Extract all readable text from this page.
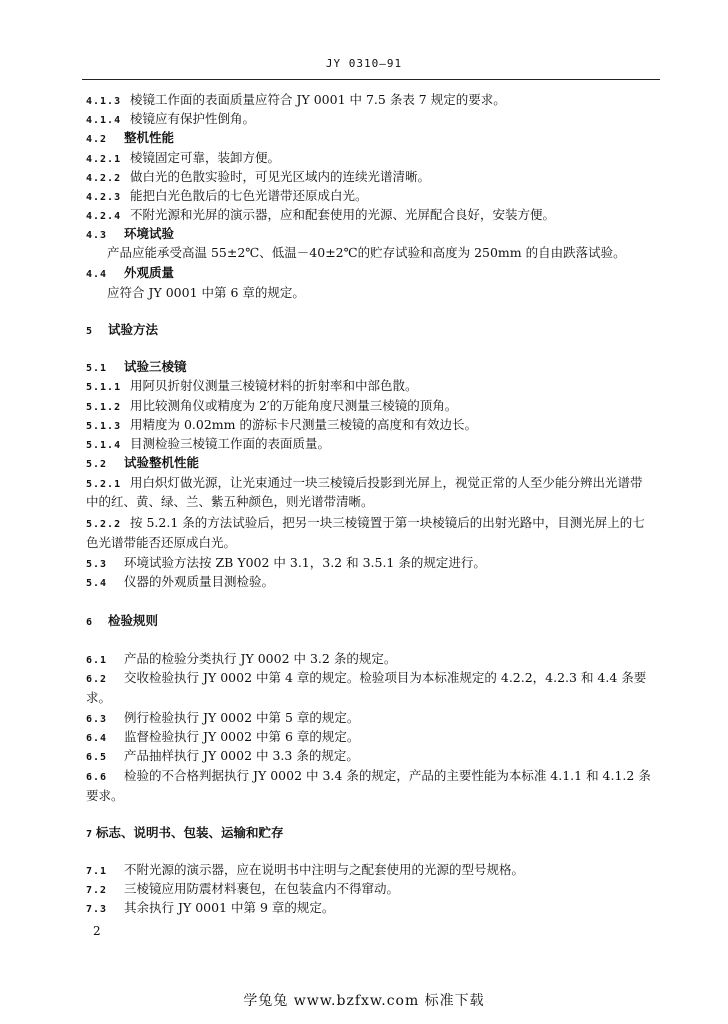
JY 0310—91
4.1.3 棱镜工作面的表面质量应符合 JY 0001 中 7.5 条表 7 规定的要求。
4.1.4 棱镜应有保护性倒角。
4.2 整机性能
4.2.1 棱镜固定可靠，装卸方便。
4.2.2 做白光的色散实验时，可见光区域内的连续光谱清晰。
4.2.3 能把白光色散后的七色光谱带还原成白光。
4.2.4 不附光源和光屏的演示器，应和配套使用的光源、光屏配合良好，安装方便。
4.3 环境试验
产品应能承受高温 55±2℃、低温－40±2℃的贮存试验和高度为 250mm 的自由跌落试验。
4.4 外观质量
应符合 JY 0001 中第 6 章的规定。
5 试验方法
5.1 试验三棱镜
5.1.1 用阿贝折射仪测量三棱镜材料的折射率和中部色散。
5.1.2 用比较测角仪或精度为 2′的万能角度尺测量三棱镜的顶角。
5.1.3 用精度为 0.02mm 的游标卡尺测量三棱镜的高度和有效边长。
5.1.4 目测检验三棱镜工作面的表面质量。
5.2 试验整机性能
5.2.1 用白炽灯做光源，让光束通过一块三棱镜后投影到光屏上，视觉正常的人至少能分辨出光谱带
中的红、黄、绿、兰、紫五种颜色，则光谱带清晰。
5.2.2 按 5.2.1 条的方法试验后，把另一块三棱镜置于第一块棱镜后的出射光路中，目测光屏上的七
色光谱带能否还原成白光。
5.3 环境试验方法按 ZB Y002 中 3.1，3.2 和 3.5.1 条的规定进行。
5.4 仪器的外观质量目测检验。
6 检验规则
6.1 产品的检验分类执行 JY 0002 中 3.2 条的规定。
6.2 交收检验执行 JY 0002 中第 4 章的规定。检验项目为本标准规定的 4.2.2，4.2.3 和 4.4 条要
求。
6.3 例行检验执行 JY 0002 中第 5 章的规定。
6.4 监督检验执行 JY 0002 中第 6 章的规定。
6.5 产品抽样执行 JY 0002 中 3.3 条的规定。
6.6 检验的不合格判据执行 JY 0002 中 3.4 条的规定，产品的主要性能为本标准 4.1.1 和 4.1.2 条
要求。
7 标志、说明书、包装、运输和贮存
7.1 不附光源的演示器，应在说明书中注明与之配套使用的光源的型号规格。
7.2 三棱镜应用防震材料裹包，在包装盒内不得窜动。
7.3 其余执行 JY 0001 中第 9 章的规定。
2
学兔兔 www.bzfxw.com 标准下载
